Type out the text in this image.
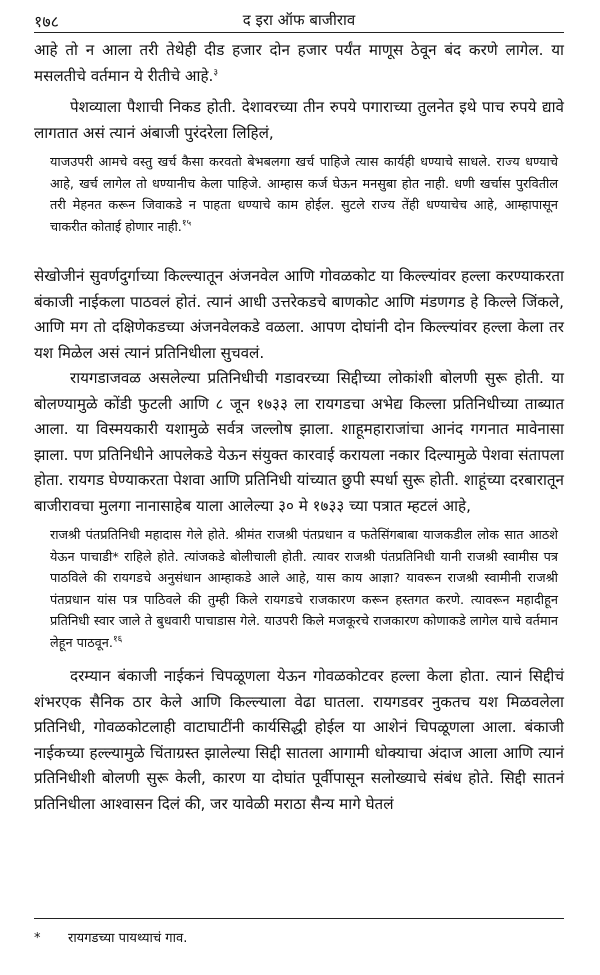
१७८	द इरा ऑफ बाजीराव

आहे तो न आला तरी तेथेही दीड हजार दोन हजार पर्यंत माणूस ठेवून बंद करणे लागेल. या मसलतीचे वर्तमान ये रीतीचे आहे.$^३$

पेशव्याला पैशाची निकड होती. देशावरच्या तीन रुपये पगाराच्या तुलनेत इथे पाच रुपये द्यावे लागतात असं त्यानं अंबाजी पुरंदरेला लिहिलं,

याजउपरी आमचे वस्तु खर्च कैसा करवतो बेभबलगा खर्च पाहिजे त्यास कार्यही धण्याचे साधले. राज्य धण्याचे आहे, खर्च लागेल तो धण्यानीच केला पाहिजे. आम्हास कर्ज घेऊन मनसुबा होत नाही. धणी खर्चास पुरवितील तरी मेहनत करून जिवाकडे न पाहता धण्याचे काम होईल. सुटले राज्य तेंही धण्याचेच आहे, आम्हापासून चाकरीत कोताई होणार नाही.$^{१५}$

सेखोजीनं सुवर्णदुर्गाच्या किल्ल्यातून अंजनवेल आणि गोवळकोट या किल्ल्यांवर हल्ला करण्याकरता बंकाजी नाईकला पाठवलं होतं. त्यानं आधी उत्तरेकडचे बाणकोट आणि मंडणगड हे किल्ले जिंकले, आणि मग तो दक्षिणेकडच्या अंजनवेलकडे वळला. आपण दोघांनी दोन किल्ल्यांवर हल्ला केला तर यश मिळेल असं त्यानं प्रतिनिधीला सुचवलं.

रायगडाजवळ असलेल्या प्रतिनिधीची गडावरच्या सिद्दीच्या लोकांशी बोलणी सुरू होती. या बोलण्यामुळे कोंडी फुटली आणि ८ जून १७३३ ला रायगडचा अभेद्य किल्ला प्रतिनिधीच्या ताब्यात आला. या विस्मयकारी यशामुळे सर्वत्र जल्लोष झाला. शाहूमहाराजांचा आनंद गगनात मावेनासा झाला. पण प्रतिनिधीने आपलेकडे येऊन संयुक्त कारवाई करायला नकार दिल्यामुळे पेशवा संतापला होता. रायगड घेण्याकरता पेशवा आणि प्रतिनिधी यांच्यात छुपी स्पर्धा सुरू होती. शाहूंच्या दरबारातून बाजीरावचा मुलगा नानासाहेब याला आलेल्या ३० मे १७३३ च्या पत्रात म्हटलं आहे,

राजश्री पंतप्रतिनिधी महादास गेले होते. श्रीमंत राजश्री पंतप्रधान व फतेसिंगबाबा याजकडील लोक सात आठशे येऊन पाचाडी* राहिले होते. त्यांजकडे बोलीचाली होती. त्यावर राजश्री पंतप्रतिनिधी यानी राजश्री स्वामीस पत्र पाठविले की रायगडचे अनुसंधान आम्हाकडे आले आहे, यास काय आज्ञा? यावरून राजश्री स्वामीनी राजश्री पंतप्रधान यांस पत्र पाठिवले की तुम्ही किले रायगडचे राजकारण करून हस्तगत करणे. त्यावरून महादीहून प्रतिनिधी स्वार जाले ते बुधवारी पाचाडास गेले. याउपरी किले मजकूरचे राजकारण कोणाकडे लागेल याचे वर्तमान लेहून पाठवून.$^{१६}$

दरम्यान बंकाजी नाईकनं चिपळूणला येऊन गोवळकोटवर हल्ला केला होता. त्यानं सिद्दीचं शंभरएक सैनिक ठार केले आणि किल्ल्याला वेढा घातला. रायगडवर नुकतच यश मिळवलेला प्रतिनिधी, गोवळकोटलाही वाटाघाटींनी कार्यसिद्धी होईल या आशेनं चिपळूणला आला. बंकाजी नाईकच्या हल्ल्यामुळे चिंताग्रस्त झालेल्या सिद्दी सातला आगामी धोक्याचा अंदाज आला आणि त्यानं प्रतिनिधीशी बोलणी सुरू केली, कारण या दोघांत पूर्वीपासून सलोख्याचे संबंध होते. सिद्दी सातनं प्रतिनिधीला आश्वासन दिलं की, जर यावेळी मराठा सैन्य मागे घेतलं

* रायगडच्या पायथ्याचं गाव.
